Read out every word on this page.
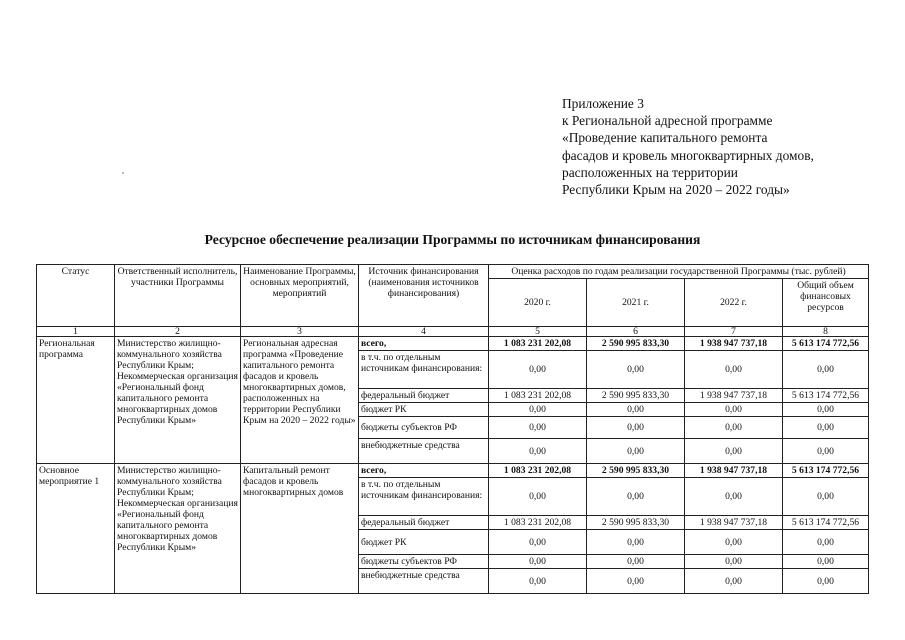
Приложение 3
к Региональной адресной программе
«Проведение капитального ремонта
фасадов и кровель многоквартирных домов,
расположенных на территории
Республики Крым на 2020 – 2022 годы»
Ресурсное обеспечение реализации Программы по источникам финансирования
Статус	Ответственный исполнитель, участники Программы	Наименование Программы, основных мероприятий, мероприятий	Источник финансирования (наименования источников финансирования)	Оценка расходов по годам реализации государственной Программы (тыс. рублей)			
				2020 г.	2021 г.	2022 г.	Общий объем финансовых ресурсов
1	2	3	4	5	6	7	8
Региональная программа	Министерство жилищно-коммунального хозяйства Республики Крым; Некоммерческая организация «Региональный фонд капитального ремонта многоквартирных домов Республики Крым»	Региональная адресная программа «Проведение капитального ремонта фасадов и кровель многоквартирных домов, расположенных на территории Республики Крым на 2020 – 2022 годы»	всего,	1 083 231 202,08	2 590 995 833,30	1 938 947 737,18	5 613 174 772,56
			в т.ч. по отдельным источникам финансирования:	0,00	0,00	0,00	0,00
			федеральный бюджет	1 083 231 202,08	2 590 995 833,30	1 938 947 737,18	5 613 174 772,56
			бюджет РК	0,00	0,00	0,00	0,00
			бюджеты субъектов РФ	0,00	0,00	0,00	0,00
			внебюджетные средства	0,00	0,00	0,00	0,00
Основное мероприятие 1	Министерство жилищно-коммунального хозяйства Республики Крым; Некоммерческая организация «Региональный фонд капитального ремонта многоквартирных домов Республики Крым»	Капитальный ремонт фасадов и кровель многоквартирных домов	всего,	1 083 231 202,08	2 590 995 833,30	1 938 947 737,18	5 613 174 772,56
			в т.ч. по отдельным источникам финансирования:	0,00	0,00	0,00	0,00
			федеральный бюджет	1 083 231 202,08	2 590 995 833,30	1 938 947 737,18	5 613 174 772,56
			бюджет РК	0,00	0,00	0,00	0,00
			бюджеты субъектов РФ	0,00	0,00	0,00	0,00
			внебюджетные средства	0,00	0,00	0,00	0,00
